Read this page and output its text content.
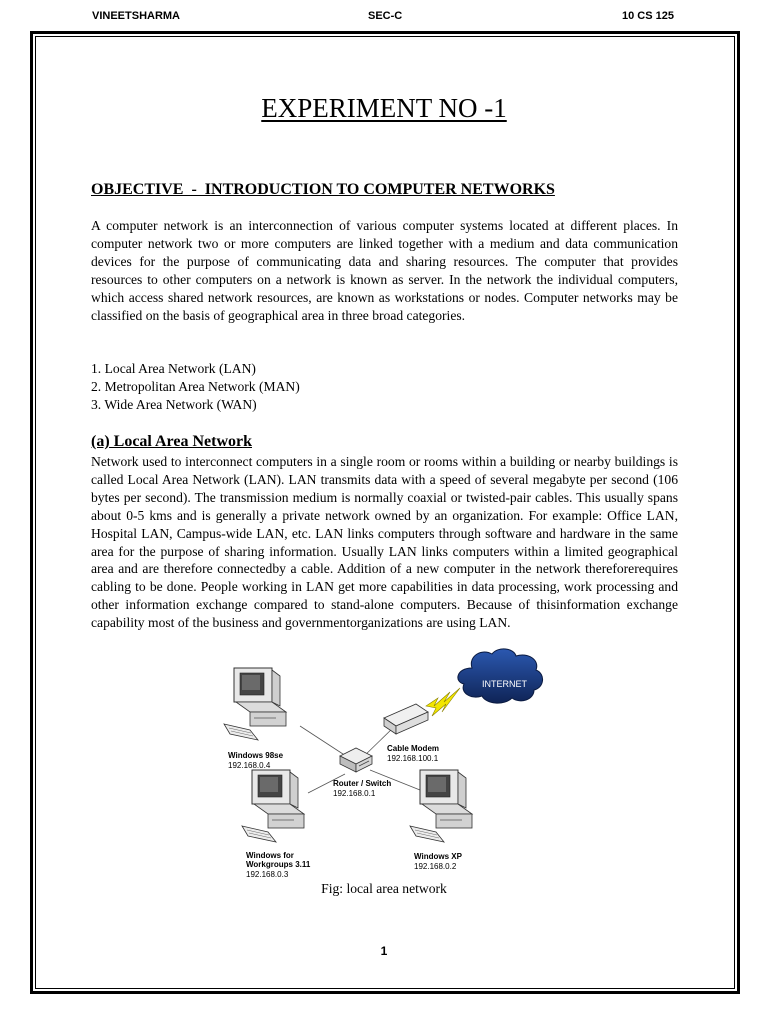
VINEETSHARMA	SEC-C	10 CS 125
EXPERIMENT NO -1
OBJECTIVE  -  INTRODUCTION TO COMPUTER NETWORKS

A computer network is an interconnection of various computer systems located at different places. In computer network two or more computers are linked together with a medium and data communication devices for the purpose of communicating data and sharing resources. The computer that provides resources to other computers on a network is known as server. In the network the individual computers, which access shared network resources, are known as workstations or nodes. Computer networks may be classified on the basis of geographical area in three broad categories.

1. Local Area Network (LAN)
2. Metropolitan Area Network (MAN)
3. Wide Area Network (WAN)
(a) Local Area Network

Network used to interconnect computers in a single room or rooms within a building or nearby buildings is called Local Area Network (LAN). LAN transmits data with a speed of several megabyte per second (106 bytes per second). The transmission medium is normally coaxial or twisted-pair cables. This usually spans about 0-5 kms and is generally a private network owned by an organization. For example: Office LAN, Hospital LAN, Campus-wide LAN, etc. LAN links computers through software and hardware in the same area for the purpose of sharing information. Usually LAN links computers within a limited geographical area and are therefore connectedby a cable. Addition of a new computer in the network thereforerequires cabling to be done. People working in LAN get more capabilities in data processing, work processing and other information exchange compared to stand-alone computers. Because of thisinformation exchange capability most of the business and governmentorganizations are using LAN.

INTERNET
Cable Modem
192.168.100.1
Router / Switch
192.168.0.1
Windows 98se
192.168.0.4
Windows for
Workgroups 3.11
192.168.0.3
Windows XP
192.168.0.2
Fig: local area network
1
